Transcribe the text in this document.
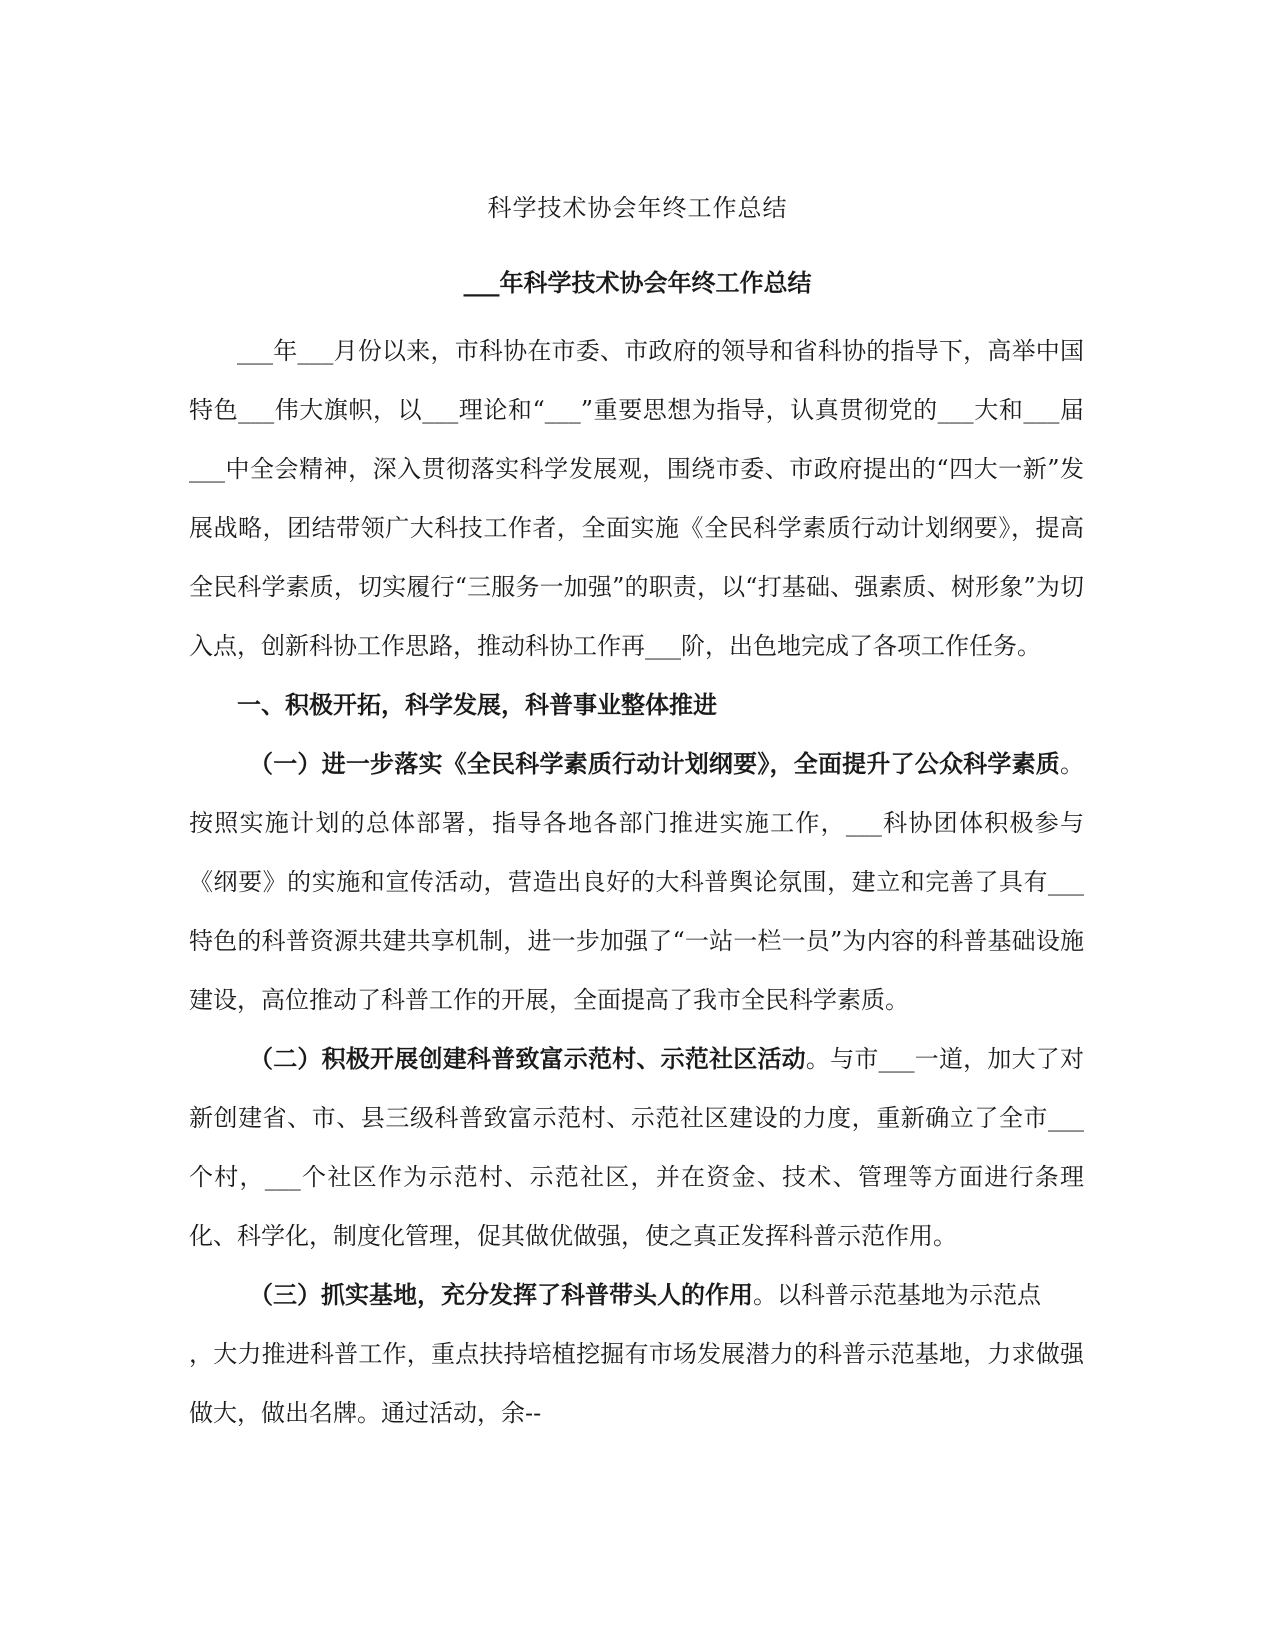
科学技术协会年终工作总结
___年科学技术协会年终工作总结

___年___月份以来，市科协在市委、市政府的领导和省科协的指导下，高举中国特色___伟大旗帜，以___理论和“___”重要思想为指导，认真贯彻党的___大和___届___中全会精神，深入贯彻落实科学发展观，围绕市委、市政府提出的“四大一新”发展战略，团结带领广大科技工作者，全面实施《全民科学素质行动计划纲要》，提高全民科学素质，切实履行“三服务一加强”的职责，以“打基础、强素质、树形象”为切入点，创新科协工作思路，推动科协工作再___阶，出色地完成了各项工作任务。

一、积极开拓，科学发展，科普事业整体推进

（一）进一步落实《全民科学素质行动计划纲要》，全面提升了公众科学素质。按照实施计划的总体部署，指导各地各部门推进实施工作，___科协团体积极参与《纲要》的实施和宣传活动，营造出良好的大科普舆论氛围，建立和完善了具有___特色的科普资源共建共享机制，进一步加强了“一站一栏一员”为内容的科普基础设施建设，高位推动了科普工作的开展，全面提高了我市全民科学素质。

（二）积极开展创建科普致富示范村、示范社区活动。与市___一道，加大了对新创建省、市、县三级科普致富示范村、示范社区建设的力度，重新确立了全市___个村，___个社区作为示范村、示范社区，并在资金、技术、管理等方面进行条理化、科学化，制度化管理，促其做优做强，使之真正发挥科普示范作用。

（三）抓实基地，充分发挥了科普带头人的作用。以科普示范基地为示范点

，大力推进科普工作，重点扶持培植挖掘有市场发展潜力的科普示范基地，力求做强做大，做出名牌。通过活动，余--
